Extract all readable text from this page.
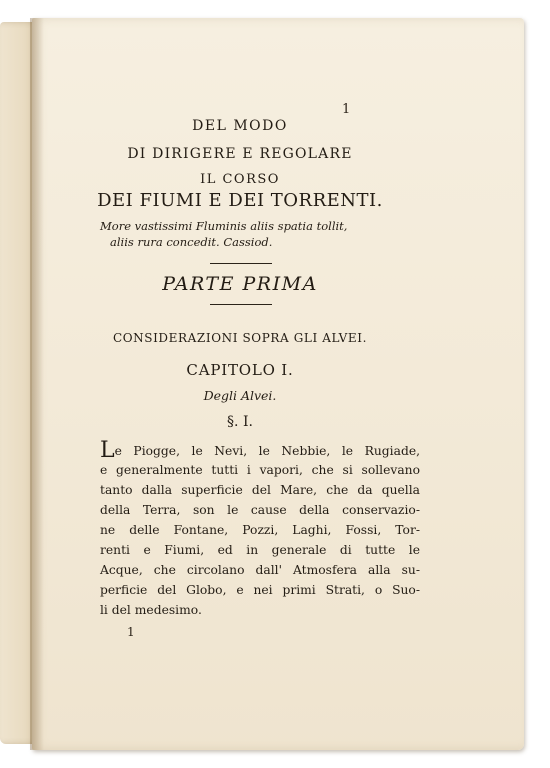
1
DEL MODO
DI DIRIGERE E REGOLARE
IL CORSO
DEI FIUMI E DEI TORRENTI.
More vastissimi Fluminis aliis spatia tollit,
aliis rura concedit. Cassiod.
PARTE PRIMA
CONSIDERAZIONI SOPRA GLI ALVEI.
CAPITOLO I.
Degli Alvei.
§. I.
Le Piogge, le Nevi, le Nebbie, le Rugiade,
e generalmente tutti i vapori, che si sollevano
tanto dalla superficie del Mare, che da quella
della Terra, son le cause della conservazio-
ne delle Fontane, Pozzi, Laghi, Fossi, Tor-
renti e Fiumi, ed in generale di tutte le
Acque, che circolano dall' Atmosfera alla su-
perficie del Globo, e nei primi Strati, o Suo-
li del medesimo.
1
